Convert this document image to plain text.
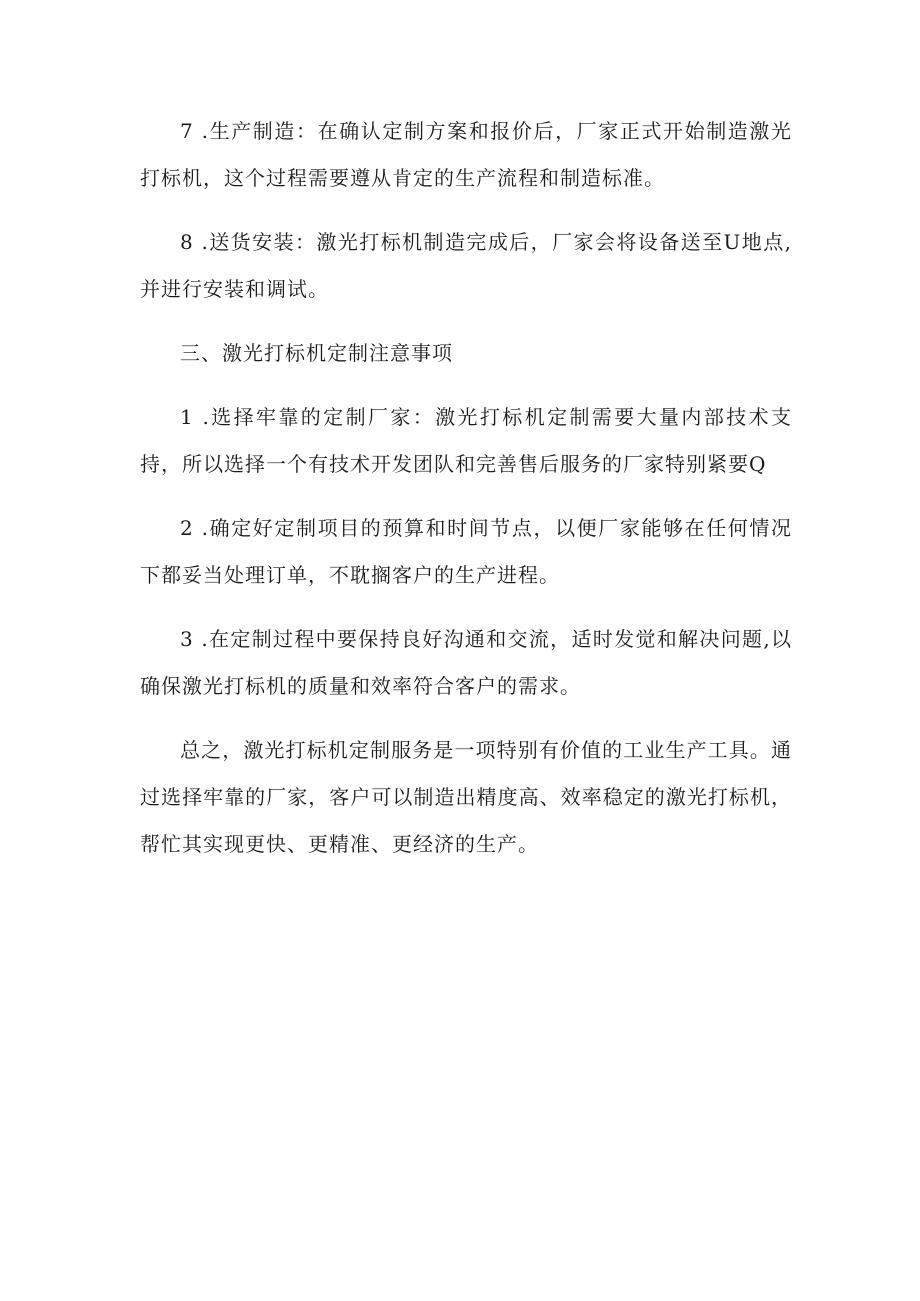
7 .生产制造：在确认定制方案和报价后，厂家正式开始制造激光打标机，这个过程需要遵从肯定的生产流程和制造标准。

8 .送货安装：激光打标机制造完成后，厂家会将设备送至U地点,并进行安装和调试。

三、激光打标机定制注意事项

1 .选择牢靠的定制厂家：激光打标机定制需要大量内部技术支持，所以选择一个有技术开发团队和完善售后服务的厂家特别紧要Q

2 .确定好定制项目的预算和时间节点，以便厂家能够在任何情况下都妥当处理订单，不耽搁客户的生产进程。

3 .在定制过程中要保持良好沟通和交流，适时发觉和解决问题,以确保激光打标机的质量和效率符合客户的需求。

总之，激光打标机定制服务是一项特别有价值的工业生产工具。通过选择牢靠的厂家，客户可以制造出精度高、效率稳定的激光打标机，帮忙其实现更快、更精准、更经济的生产。
